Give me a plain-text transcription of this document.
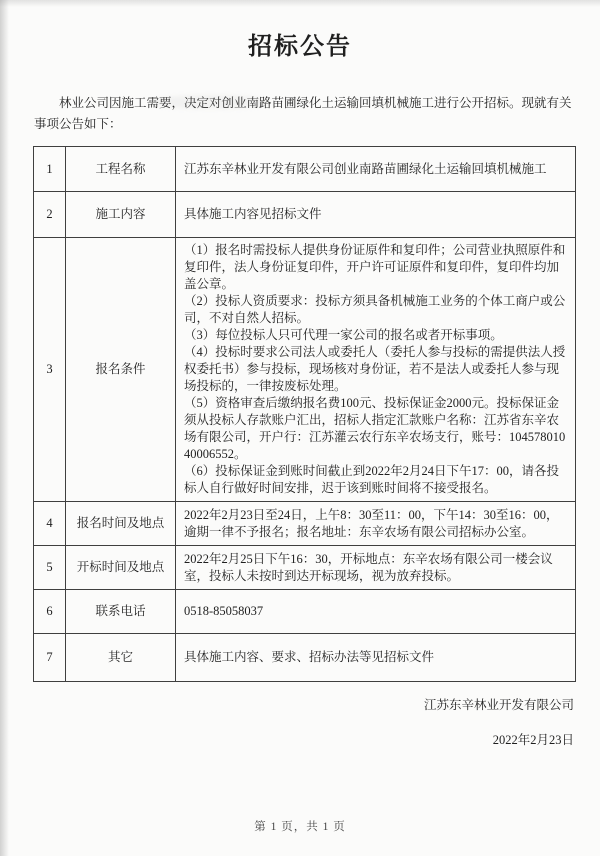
招标公告

林业公司因施工需要，决定对创业南路苗圃绿化土运输回填机械施工进行公开招标。现就有关事项公告如下：

1	工程名称	江苏东辛林业开发有限公司创业南路苗圃绿化土运输回填机械施工

2	施工内容	具体施工内容见招标文件

3	报名条件	

（1）报名时需投标人提供身份证原件和复印件；公司营业执照原件和复印件，法人身份证复印件，开户许可证原件和复印件，复印件均加盖公章。

（2）投标人资质要求：投标方须具备机械施工业务的个体工商户或公司，不对自然人招标。

（3）每位投标人只可代理一家公司的报名或者开标事项。

（4）投标时要求公司法人或委托人（委托人参与投标的需提供法人授权委托书）参与投标，现场核对身份证，若不是法人或委托人参与现场投标的，一律按废标处理。

（5）资格审查后缴纳报名费100元、投标保证金2000元。投标保证金须从投标人存款账户汇出，招标人指定汇款账户名称：江苏省东辛农场有限公司，开户行：江苏灌云农行东辛农场支行，账号：10457801040006552。

（6）投标保证金到账时间截止到2022年2月24日下午17：00，请各投标人自行做好时间安排，迟于该到账时间将不接受报名。

4	报名时间及地点	2022年2月23日至24日，上午8：30至11：00，下午14：30至16：00，逾期一律不予报名；报名地址：东辛农场有限公司招标办公室。

5	开标时间及地点	2022年2月25日下午16：30，开标地点：东辛农场有限公司一楼会议室，投标人未按时到达开标现场，视为放弃投标。

6	联系电话	0518-85058037

7	其它	具体施工内容、要求、招标办法等见招标文件

江苏东辛林业开发有限公司
2022年2月23日
第 1 页，共 1 页
